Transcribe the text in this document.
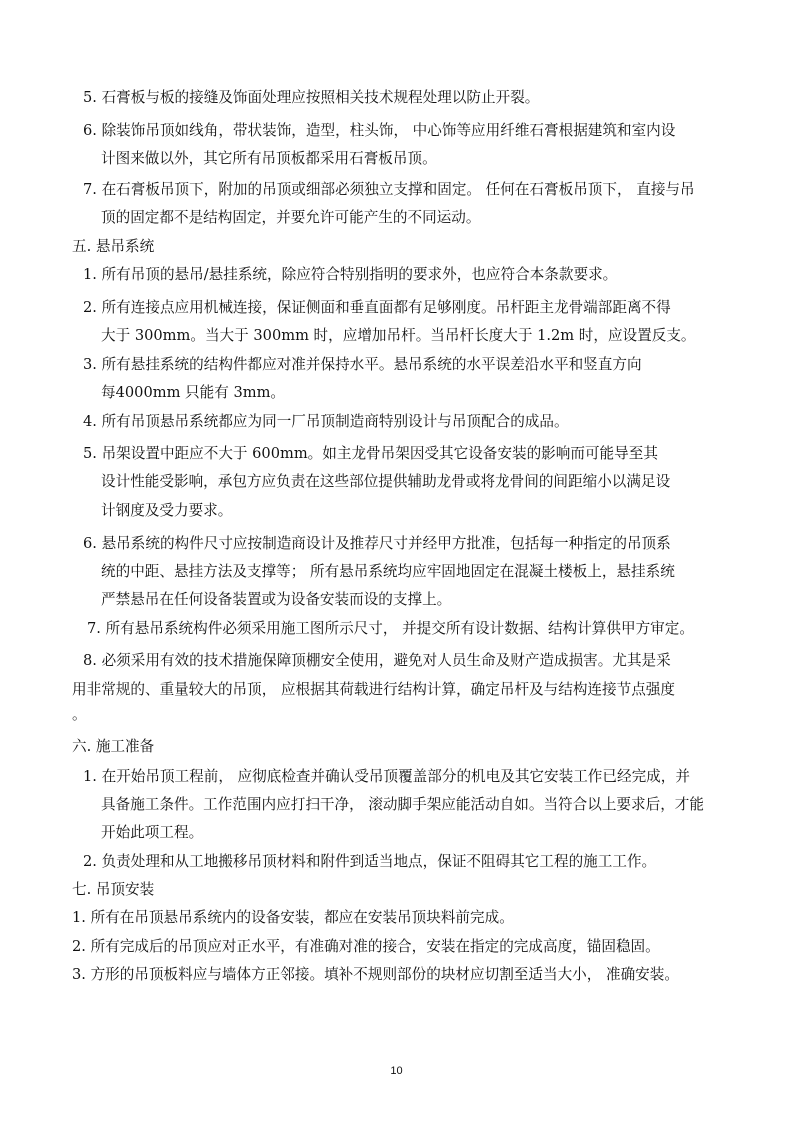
5. 石膏板与板的接缝及饰面处理应按照相关技术规程处理以防止开裂。
6. 除装饰吊顶如线角，带状装饰，造型，柱头饰， 中心饰等应用纤维石膏根据建筑和室内设
计图来做以外，其它所有吊顶板都采用石膏板吊顶。
7. 在石膏板吊顶下，附加的吊顶或细部必须独立支撑和固定。 任何在石膏板吊顶下， 直接与吊
顶的固定都不是结构固定，并要允许可能产生的不同运动。
五. 悬吊系统
1. 所有吊顶的悬吊/悬挂系统，除应符合特别指明的要求外，也应符合本条款要求。
2. 所有连接点应用机械连接，保证侧面和垂直面都有足够刚度。吊杆距主龙骨端部距离不得
大于 300mm。当大于 300mm 时，应增加吊杆。当吊杆长度大于 1.2m 时，应设置反支。
3. 所有悬挂系统的结构件都应对准并保持水平。悬吊系统的水平误差沿水平和竖直方向
每4000mm 只能有 3mm。
4. 所有吊顶悬吊系统都应为同一厂吊顶制造商特别设计与吊顶配合的成品。
5. 吊架设置中距应不大于 600mm。如主龙骨吊架因受其它设备安装的影响而可能导至其
设计性能受影响，承包方应负责在这些部位提供辅助龙骨或将龙骨间的间距缩小以满足设
计钢度及受力要求。
6. 悬吊系统的构件尺寸应按制造商设计及推荐尺寸并经甲方批准，包括每一种指定的吊顶系
统的中距、悬挂方法及支撑等； 所有悬吊系统均应牢固地固定在混凝土楼板上，悬挂系统
严禁悬吊在任何设备装置或为设备安装而设的支撑上。
7. 所有悬吊系统构件必须采用施工图所示尺寸， 并提交所有设计数据、结构计算供甲方审定。
8. 必须采用有效的技术措施保障顶棚安全使用，避免对人员生命及财产造成损害。尤其是采
用非常规的、重量较大的吊顶， 应根据其荷载进行结构计算，确定吊杆及与结构连接节点强度
。
六. 施工准备
1. 在开始吊顶工程前， 应彻底检查并确认受吊顶覆盖部分的机电及其它安装工作已经完成，并
具备施工条件。工作范围内应打扫干净， 滚动脚手架应能活动自如。当符合以上要求后，才能
开始此项工程。
2. 负责处理和从工地搬移吊顶材料和附件到适当地点，保证不阻碍其它工程的施工工作。
七. 吊顶安装
1. 所有在吊顶悬吊系统内的设备安装，都应在安装吊顶块料前完成。
2. 所有完成后的吊顶应对正水平，有准确对准的接合，安装在指定的完成高度，锚固稳固。
3. 方形的吊顶板料应与墙体方正邻接。填补不规则部份的块材应切割至适当大小， 准确安装。
10
